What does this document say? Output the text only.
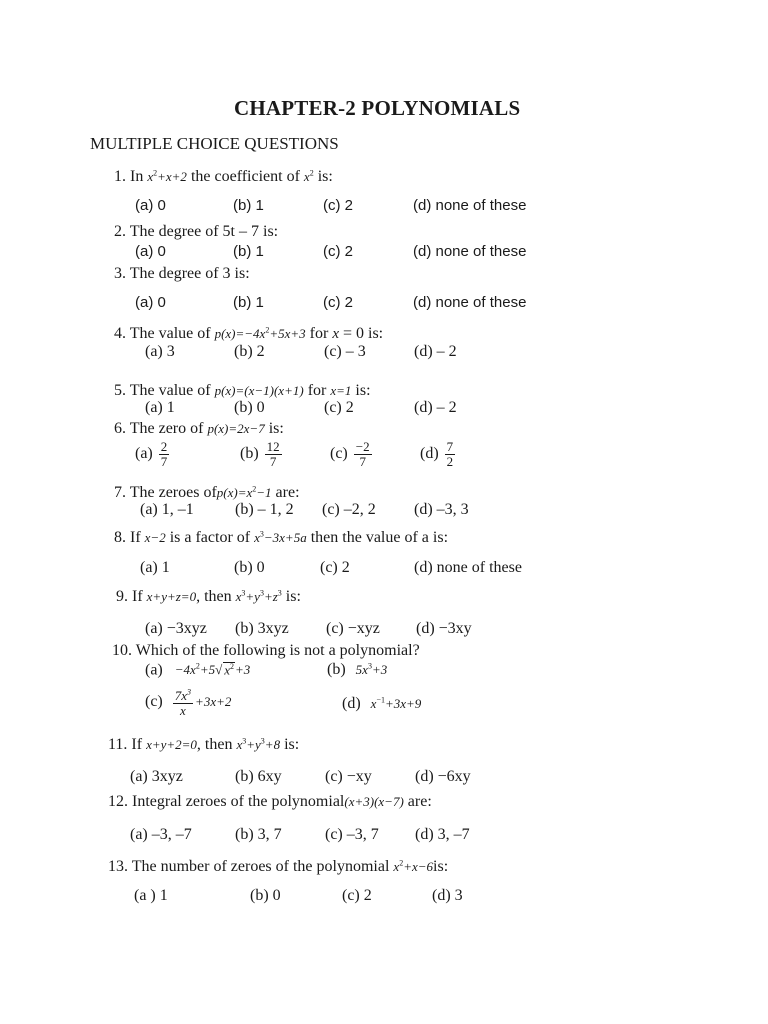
CHAPTER-2 POLYNOMIALS
MULTIPLE CHOICE QUESTIONS
1. In $x^2+x+2$ the coefficient of $x^2$ is:
(a) 0	(b) 1	(c) 2	(d) none of these
2. The degree of 5t – 7 is:
(a) 0	(b) 1	(c) 2	(d) none of these
3. The degree of 3 is:
(a) 0	(b) 1	(c) 2	(d) none of these
4. The value of $p(x)=-4x^2+5x+3$ for x = 0 is:
(a) 3	(b) 2	(c) – 3	(d) – 2
5. The value of p(x)=(x−1)(x+1) for x=1 is:
(a) 1	(b) 0	(c) 2	(d) – 2
6. The zero of p(x)=2x−7 is:
$(a) \frac{2}{7}$	$(b) \frac{12}{7}$	$(c) \frac{-2}{7}$	$(d) \frac{7}{2}$
7. The zeroes $ofp(x)=x^2-1$ are:
(a) 1, –1	(b) – 1, 2 (c) –2, 2 (d) –3, 3
8. If x−2 is a factor of $x^3-3x+5a$ then the value of a is:
(a) 1	(b) 0	(c) 2	(d) none of these
9. If x+y+z=0, then $x^3+y^3+z^3$ is:
(a) −3xyz (b) 3xyz (c) −xyz (d) −3xy
10. Which of the following is not a polynomial?
$(a) -4x^2+5√$ $x^2+3$	(b) $5x^3+3$
$(c) \frac{7x^3}{x} +3x+2$	(d) $x^{-1}+3x+9$
11. If x+y+2=0, then $x^3+y^3+8$ is:
(a) 3xyz	(b) 6xy	(c) −xy	(d) −6xy
12. Integral zeroes of the polynomial(x+3)(x−7) are:
(a) –3, –7	(b) 3, 7	(c) –3, 7 (d) 3, –7
13. The number of zeroes of the polynomial $x^2+x-6is$:
(a ) 1	(b) 0	(c) 2	(d) 3
